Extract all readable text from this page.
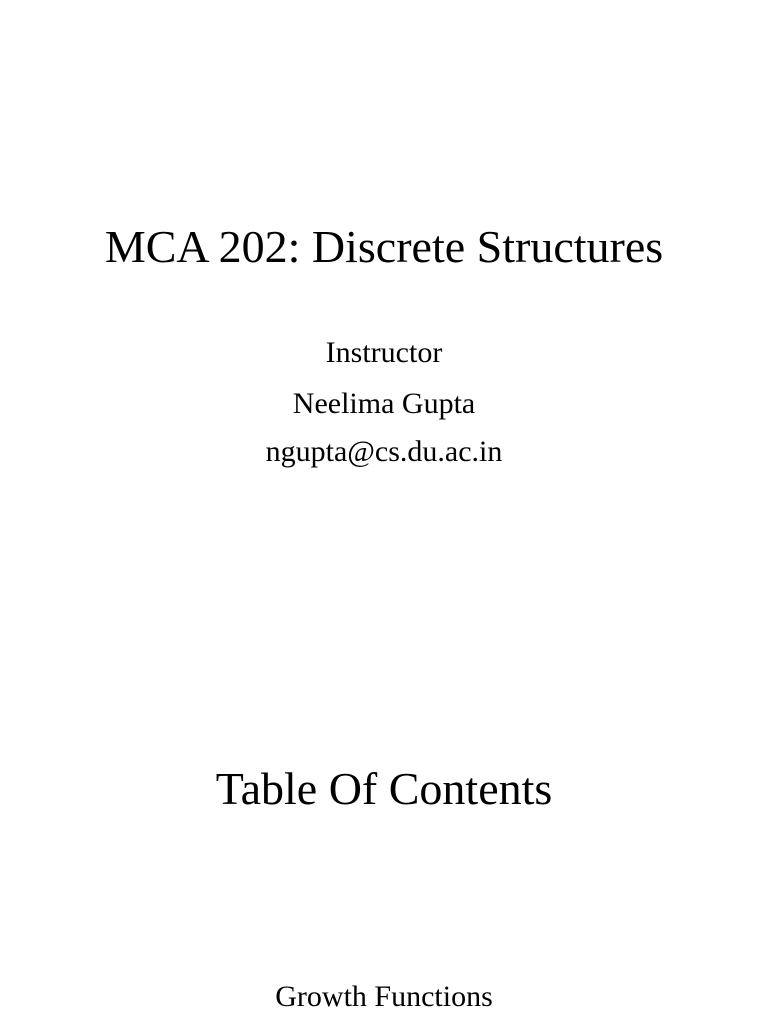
MCA 202: Discrete Structures
Instructor
Neelima Gupta
ngupta@cs.du.ac.in
Table Of Contents
Growth Functions
